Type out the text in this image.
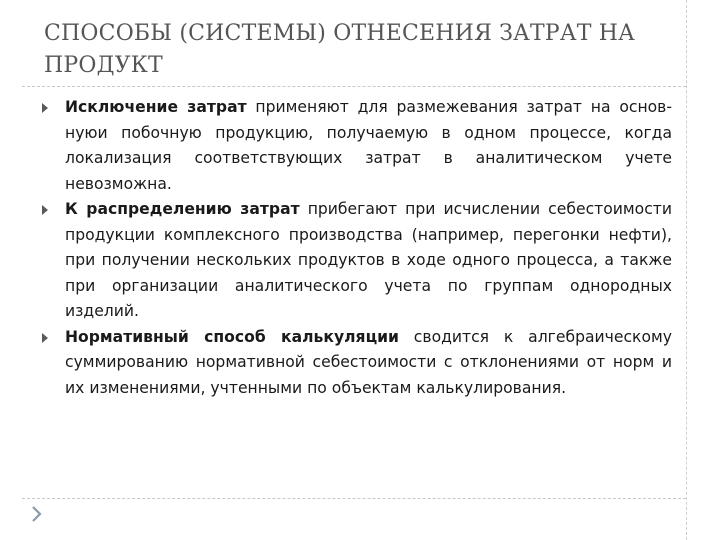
СПОСОБЫ (СИСТЕМЫ) ОТНЕСЕНИЯ ЗАТРАТ НА ПРОДУКТ
Исключение затрат применяют для размежевания затрат на основ-нуюи побочную продукцию, получаемую в одном процессе, когда локализация соответствующих затрат в аналитическом учете невозможна.
К распределению затрат прибегают при исчислении себестоимости продукции комплексного производства (например, перегонки нефти), при получении нескольких продуктов в ходе одного процесса, а также при организации аналитического учета по группам однородных изделий.
Нормативный способ калькуляции сводится к алгебраическому суммированию нормативной себестоимости с отклонениями от норм и их изменениями, учтенными по объектам калькулирования.
